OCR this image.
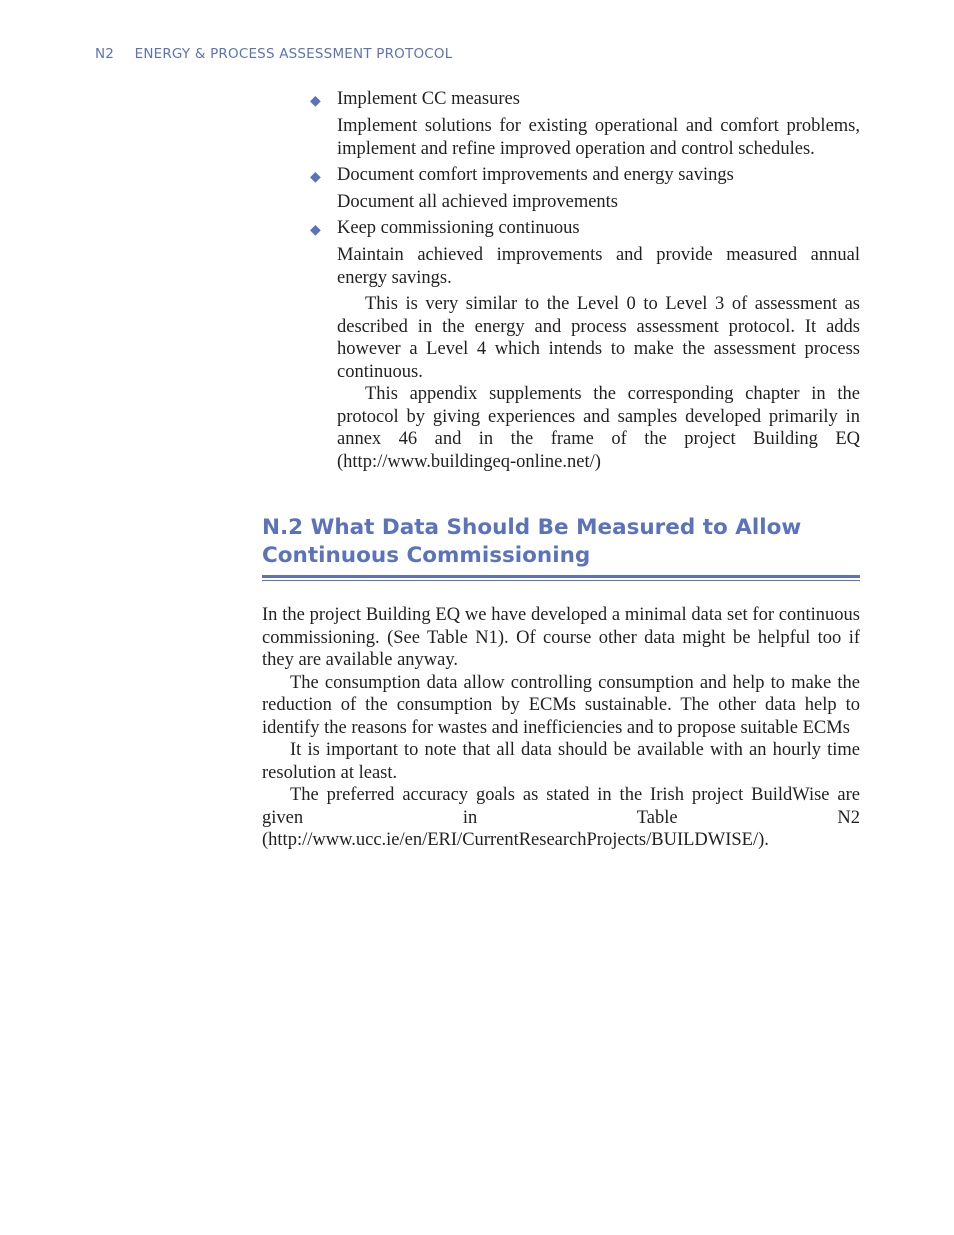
N2 ENERGY & PROCESS ASSESSMENT PROTOCOL
◆ Implement CC measures
Implement solutions for existing operational and comfort problems, implement and refine improved operation and control schedules.
◆ Document comfort improvements and energy savings
Document all achieved improvements
◆ Keep commissioning continuous
Maintain achieved improvements and provide measured annual energy savings.

This is very similar to the Level 0 to Level 3 of assessment as described in the energy and process assessment protocol. It adds however a Level 4 which intends to make the assessment process continuous.

This appendix supplements the corresponding chapter in the protocol by giving experiences and samples developed primarily in annex 46 and in the frame of the project Building EQ (http://www.buildingeq-online.net/)

N.2 What Data Should Be Measured to Allow Continuous Commissioning

In the project Building EQ we have developed a minimal data set for continuous commissioning. (See Table N1). Of course other data might be helpful too if they are available anyway.

The consumption data allow controlling consumption and help to make the reduction of the consumption by ECMs sustainable. The other data help to identify the reasons for wastes and inefficiencies and to propose suitable ECMs

It is important to note that all data should be available with an hourly time resolution at least.

The preferred accuracy goals as stated in the Irish project BuildWise are given in Table N2 (http://www.ucc.ie/en/ERI/CurrentResearchProjects/BUILDWISE/).
